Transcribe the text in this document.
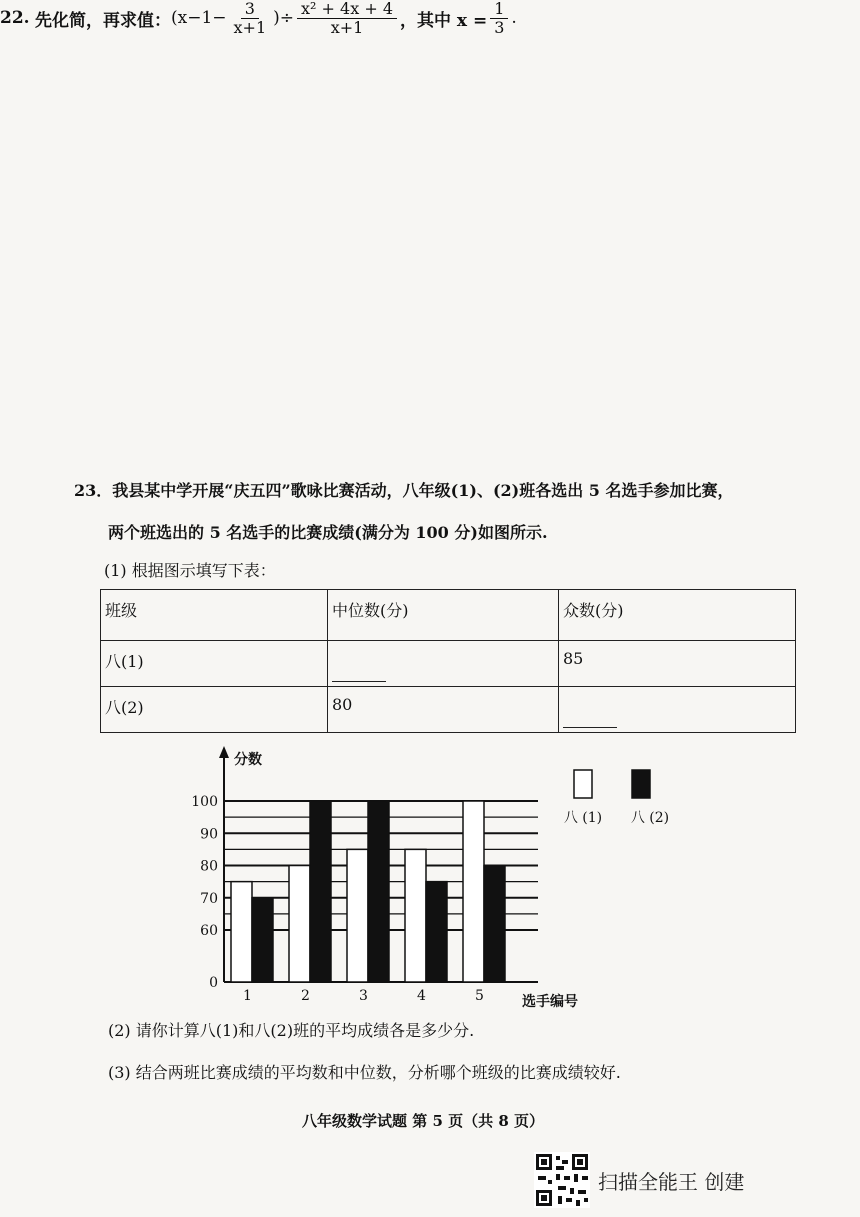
22.
先化简，再求值： ($x-1- \frac{3}{x+1}$ )÷ $\frac{\text{x² + 4x + 4}}{x+1}$ ，其中 $x = \frac{1}{3}$ .
23．我县某中学开展“庆五四”歌咏比赛活动，八年级(1)、(2)班各选出 5 名选手参加比赛，
两个班选出的 5 名选手的比赛成绩(满分为 100 分)如图所示.
(1) 根据图示填写下表：
班级	中位数(分)	众数(分)
八(1)		85
八(2)	80	
0
60
70
80
90
100
分数
1	2	3	4	5	选手编号
八 (1) 八 (2)
(2) 请你计算八(1)和八(2)班的平均成绩各是多少分.
(3) 结合两班比赛成绩的平均数和中位数，分析哪个班级的比赛成绩较好.
八年级数学试题 第 5 页（共 8 页）
扫描全能王 创建
